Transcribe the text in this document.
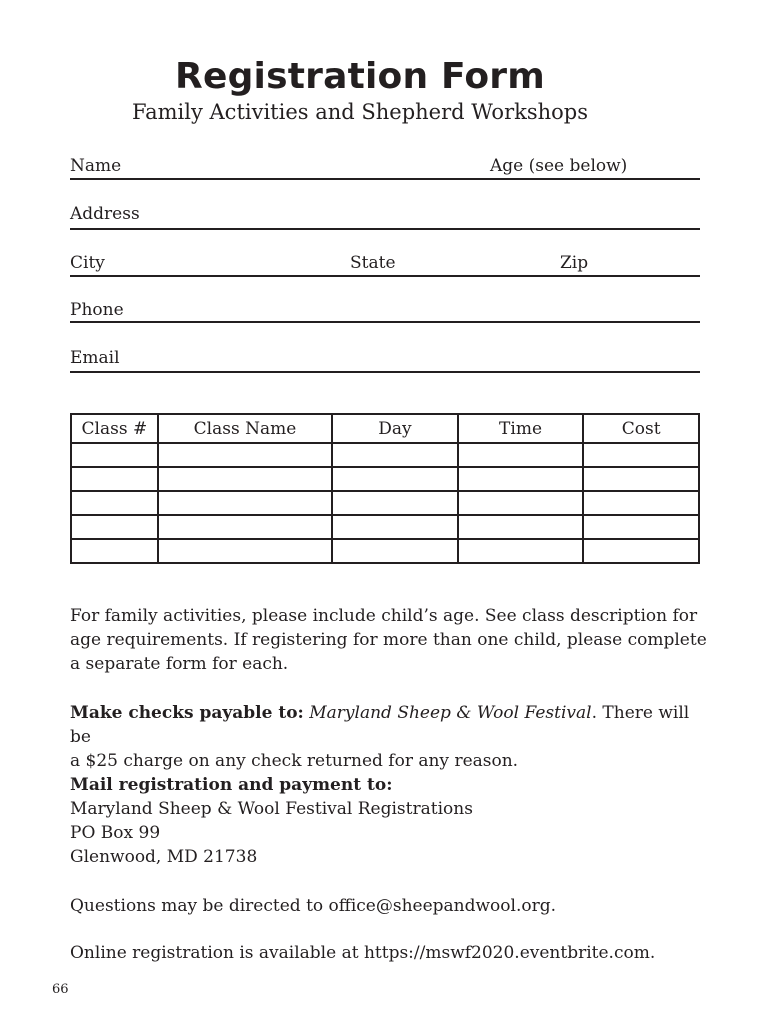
Registration Form
Family Activities and Shepherd Workshops
Name	Age (see below)
Address
City	State	Zip
Phone
Email
Class #	Class Name	Day	Time	Cost

For family activities, please include child’s age. See class description for

age requirements. If registering for more than one child, please complete

a separate form for each.

Make checks payable to: Maryland Sheep & Wool Festival. There will be

a $25 charge on any check returned for any reason.

Mail registration and payment to:

Maryland Sheep & Wool Festival Registrations

PO Box 99

Glenwood, MD 21738

Questions may be directed to office@sheepandwool.org.

Online registration is available at https://mswf2020.eventbrite.com.

66
